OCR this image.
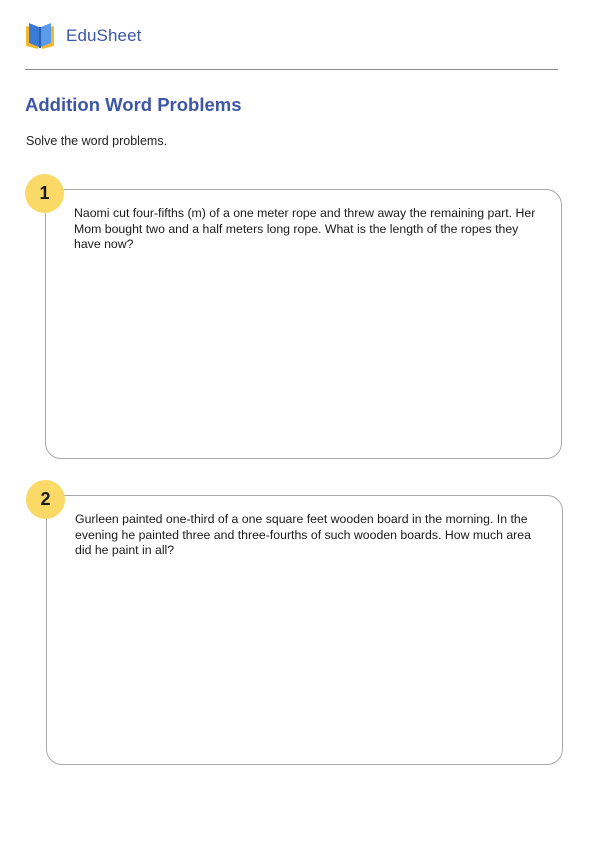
EduSheet
Addition Word Problems
Solve the word problems.
Naomi cut four-fifths (m) of a one meter rope and threw away the remaining part. Her Mom bought two and a half meters long rope. What is the length of the ropes they have now?
1
Gurleen painted one-third of a one square feet wooden board in the morning. In the evening he painted three and three-fourths of such wooden boards. How much area did he paint in all?
2
